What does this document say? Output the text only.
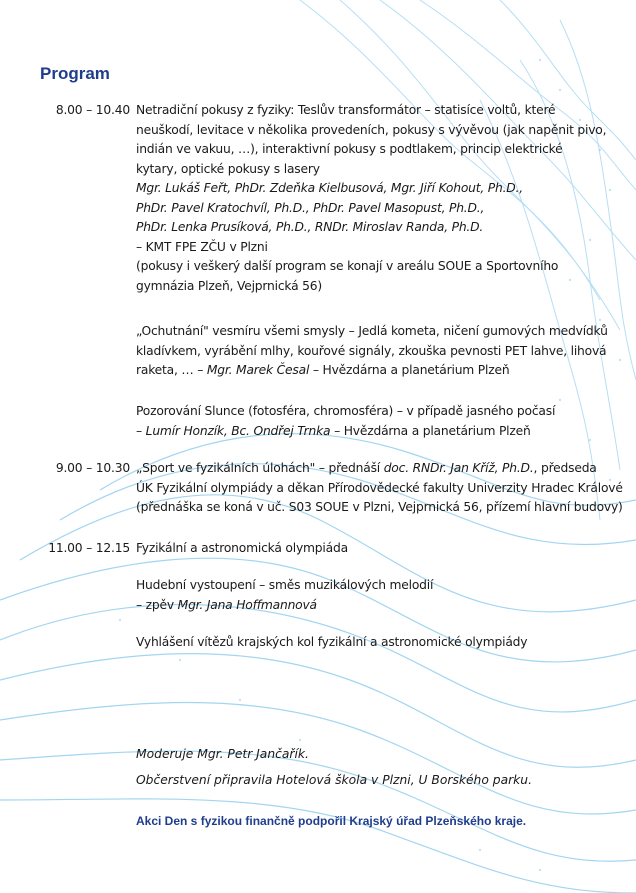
Program
8.00 – 10.40 Netradiční pokusy z fyziky: Teslův transformátor – statisíce voltů, které
neuškodí, levitace v několika provedeních, pokusy s vývěvou (jak napěnit pivo,
indián ve vakuu, …), interaktivní pokusy s podtlakem, princip elektrické
kytary, optické pokusy s lasery
Mgr. Lukáš Feřt, PhDr. Zdeňka Kielbusová, Mgr. Jiří Kohout, Ph.D.,
PhDr. Pavel Kratochvíl, Ph.D., PhDr. Pavel Masopust, Ph.D.,
PhDr. Lenka Prusíková, Ph.D., RNDr. Miroslav Randa, Ph.D.
– KMT FPE ZČU v Plzni
(pokusy i veškerý další program se konají v areálu SOUE a Sportovního
gymnázia Plzeň, Vejprnická 56)
„Ochutnání" vesmíru všemi smysly – Jedlá kometa, ničení gumových medvídků
kladívkem, vyrábění mlhy, kouřové signály, zkouška pevnosti PET lahve, lihová
raketa, … – Mgr. Marek Česal – Hvězdárna a planetárium Plzeň
Pozorování Slunce (fotosféra, chromosféra) – v případě jasného počasí
– Lumír Honzík, Bc. Ondřej Trnka – Hvězdárna a planetárium Plzeň
9.00 – 10.30 „Sport ve fyzikálních úlohách" – přednáší doc. RNDr. Jan Kříž, Ph.D., předseda
ÚK Fyzikální olympiády a děkan Přírodovědecké fakulty Univerzity Hradec Králové
(přednáška se koná v uč. S03 SOUE v Plzni, Vejprnická 56, přízemí hlavní budovy)
11.00 – 12.15 Fyzikální a astronomická olympiáda
Hudební vystoupení – směs muzikálových melodií
– zpěv Mgr. Jana Hoffmannová
Vyhlášení vítězů krajských kol fyzikální a astronomické olympiády
Moderuje Mgr. Petr Jančařík.
Občerstvení připravila Hotelová škola v Plzni, U Borského parku.
Akci Den s fyzikou finančně podpořil Krajský úřad Plzeňského kraje.
